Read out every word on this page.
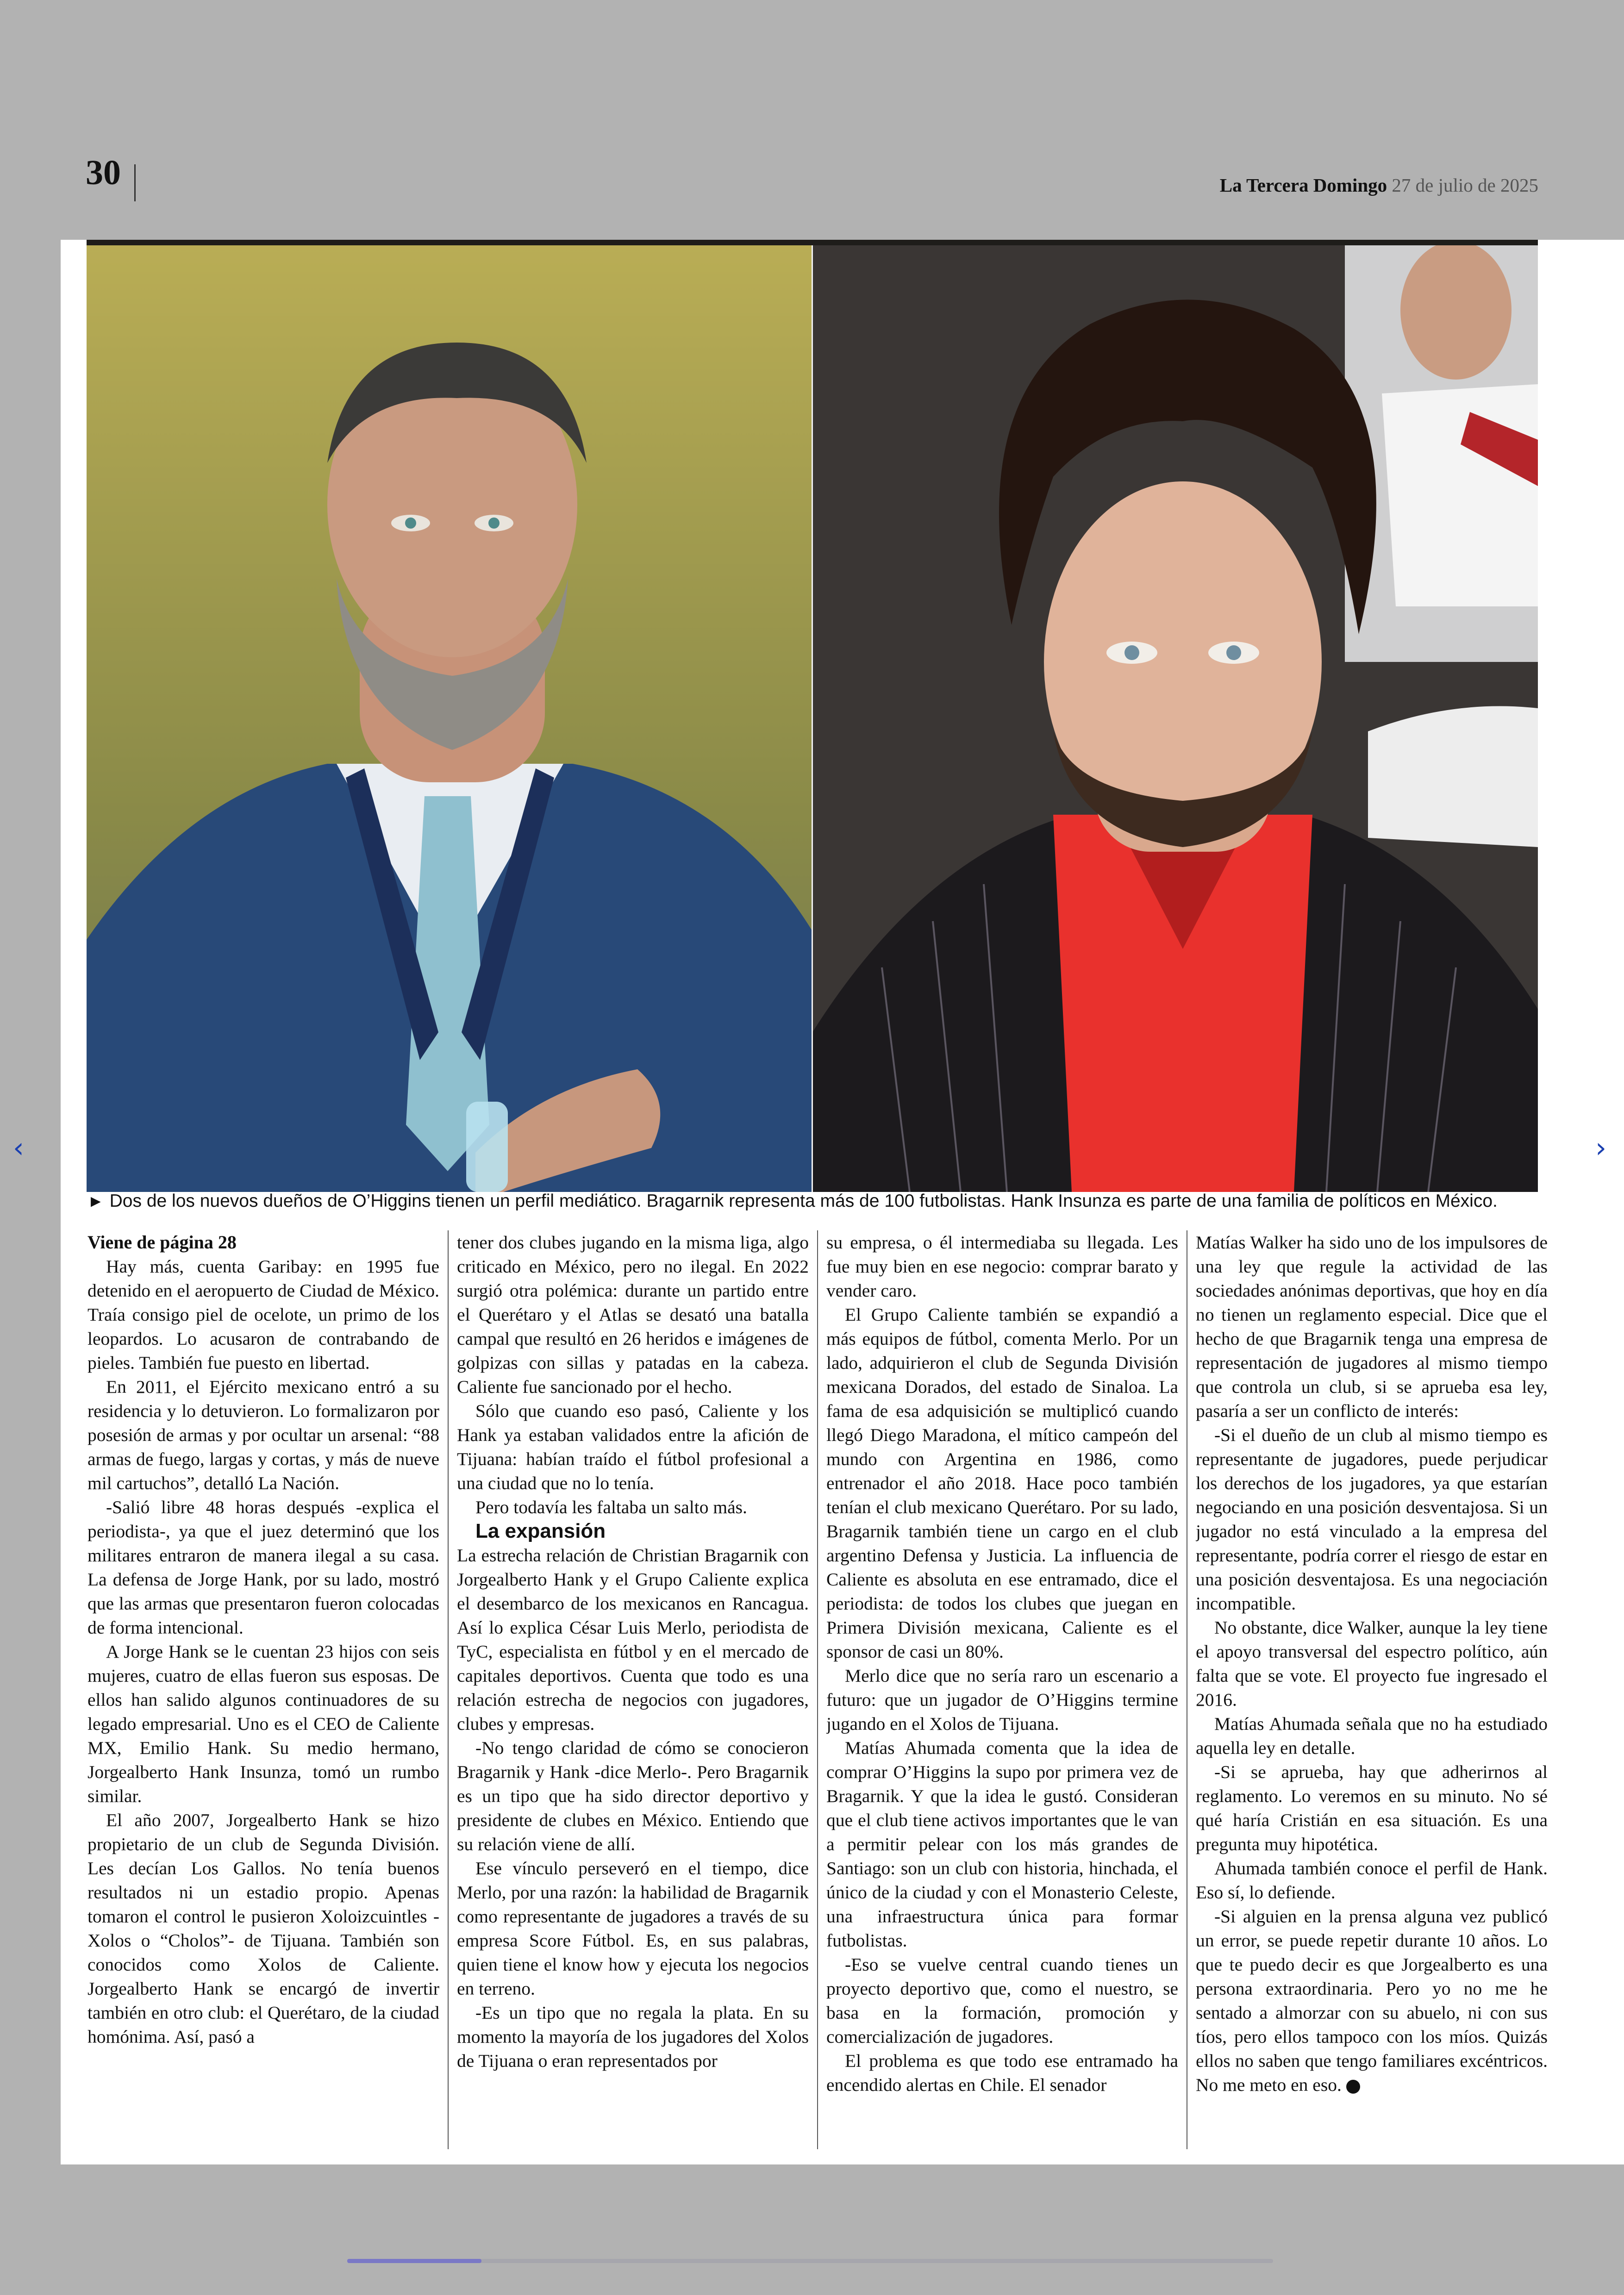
30	La Tercera Domingo 27 de julio de 2025
► Dos de los nuevos dueños de O’Higgins tienen un perfil mediático. Bragarnik representa más de 100 futbolistas. Hank Insunza es parte de una familia de políticos en México.

Viene de página 28

Hay más, cuenta Garibay: en 1995 fue detenido en el aeropuerto de Ciudad de México. Traía consigo piel de ocelote, un primo de los leopardos. Lo acusaron de contrabando de pieles. También fue puesto en libertad.

En 2011, el Ejército mexicano entró a su residencia y lo detuvieron. Lo formalizaron por posesión de armas y por ocultar un arsenal: “88 armas de fuego, largas y cortas, y más de nueve mil cartuchos”, detalló La Nación.

-Salió libre 48 horas después -explica el periodista-, ya que el juez determinó que los militares entraron de manera ilegal a su casa. La defensa de Jorge Hank, por su lado, mostró que las armas que presentaron fueron colocadas de forma intencional.

A Jorge Hank se le cuentan 23 hijos con seis mujeres, cuatro de ellas fueron sus esposas. De ellos han salido algunos continuadores de su legado empresarial. Uno es el CEO de Caliente MX, Emilio Hank. Su medio hermano, Jorgealberto Hank Insunza, tomó un rumbo similar.

El año 2007, Jorgealberto Hank se hizo propietario de un club de Segunda División. Les decían Los Gallos. No tenía buenos resultados ni un estadio propio. Apenas tomaron el control le pusieron Xoloizcuintles -Xolos o “Cholos”- de Tijuana. También son conocidos como Xolos de Caliente. Jorgealberto Hank se encargó de invertir también en otro club: el Querétaro, de la ciudad homónima. Así, pasó a

tener dos clubes jugando en la misma liga, algo criticado en México, pero no ilegal. En 2022 surgió otra polémica: durante un partido entre el Querétaro y el Atlas se desató una batalla campal que resultó en 26 heridos e imágenes de golpizas con sillas y patadas en la cabeza. Caliente fue sancionado por el hecho.

Sólo que cuando eso pasó, Caliente y los Hank ya estaban validados entre la afición de Tijuana: habían traído el fútbol profesional a una ciudad que no lo tenía.

Pero todavía les faltaba un salto más.

La expansión

La estrecha relación de Christian Bragarnik con Jorgealberto Hank y el Grupo Caliente explica el desembarco de los mexicanos en Rancagua. Así lo explica César Luis Merlo, periodista de TyC, especialista en fútbol y en el mercado de capitales deportivos. Cuenta que todo es una relación estrecha de negocios con jugadores, clubes y empresas.

-No tengo claridad de cómo se conocieron Bragarnik y Hank -dice Merlo-. Pero Bragarnik es un tipo que ha sido director deportivo y presidente de clubes en México. Entiendo que su relación viene de allí.

Ese vínculo perseveró en el tiempo, dice Merlo, por una razón: la habilidad de Bragarnik como representante de jugadores a través de su empresa Score Fútbol. Es, en sus palabras, quien tiene el know how y ejecuta los negocios en terreno.

-Es un tipo que no regala la plata. En su momento la mayoría de los jugadores del Xolos de Tijuana o eran representados por

su empresa, o él intermediaba su llegada. Les fue muy bien en ese negocio: comprar barato y vender caro.

El Grupo Caliente también se expandió a más equipos de fútbol, comenta Merlo. Por un lado, adquirieron el club de Segunda División mexicana Dorados, del estado de Sinaloa. La fama de esa adquisición se multiplicó cuando llegó Diego Maradona, el mítico campeón del mundo con Argentina en 1986, como entrenador el año 2018. Hace poco también tenían el club mexicano Querétaro. Por su lado, Bragarnik también tiene un cargo en el club argentino Defensa y Justicia. La influencia de Caliente es absoluta en ese entramado, dice el periodista: de todos los clubes que juegan en Primera División mexicana, Caliente es el sponsor de casi un 80%.

Merlo dice que no sería raro un escenario a futuro: que un jugador de O’Higgins termine jugando en el Xolos de Tijuana.

Matías Ahumada comenta que la idea de comprar O’Higgins la supo por primera vez de Bragarnik. Y que la idea le gustó. Consideran que el club tiene activos importantes que le van a permitir pelear con los más grandes de Santiago: son un club con historia, hinchada, el único de la ciudad y con el Monasterio Celeste, una infraestructura única para formar futbolistas.

-Eso se vuelve central cuando tienes un proyecto deportivo que, como el nuestro, se basa en la formación, promoción y comercialización de jugadores.

El problema es que todo ese entramado ha encendido alertas en Chile. El senador

Matías Walker ha sido uno de los impulsores de una ley que regule la actividad de las sociedades anónimas deportivas, que hoy en día no tienen un reglamento especial. Dice que el hecho de que Bragarnik tenga una empresa de representación de jugadores al mismo tiempo que controla un club, si se aprueba esa ley, pasaría a ser un conflicto de interés:

-Si el dueño de un club al mismo tiempo es representante de jugadores, puede perjudicar los derechos de los jugadores, ya que estarían negociando en una posición desventajosa. Si un jugador no está vinculado a la empresa del representante, podría correr el riesgo de estar en una posición desventajosa. Es una negociación incompatible.

No obstante, dice Walker, aunque la ley tiene el apoyo transversal del espectro político, aún falta que se vote. El proyecto fue ingresado el 2016.

Matías Ahumada señala que no ha estudiado aquella ley en detalle.

-Si se aprueba, hay que adherirnos al reglamento. Lo veremos en su minuto. No sé qué haría Cristián en esa situación. Es una pregunta muy hipotética.

Ahumada también conoce el perfil de Hank. Eso sí, lo defiende.

-Si alguien en la prensa alguna vez publicó un error, se puede repetir durante 10 años. Lo que te puedo decir es que Jorgealberto es una persona extraordinaria. Pero yo no me he sentado a almorzar con su abuelo, ni con sus tíos, pero ellos tampoco con los míos. Quizás ellos no saben que tengo familiares excéntricos. No me meto en eso.	●

‹	›
